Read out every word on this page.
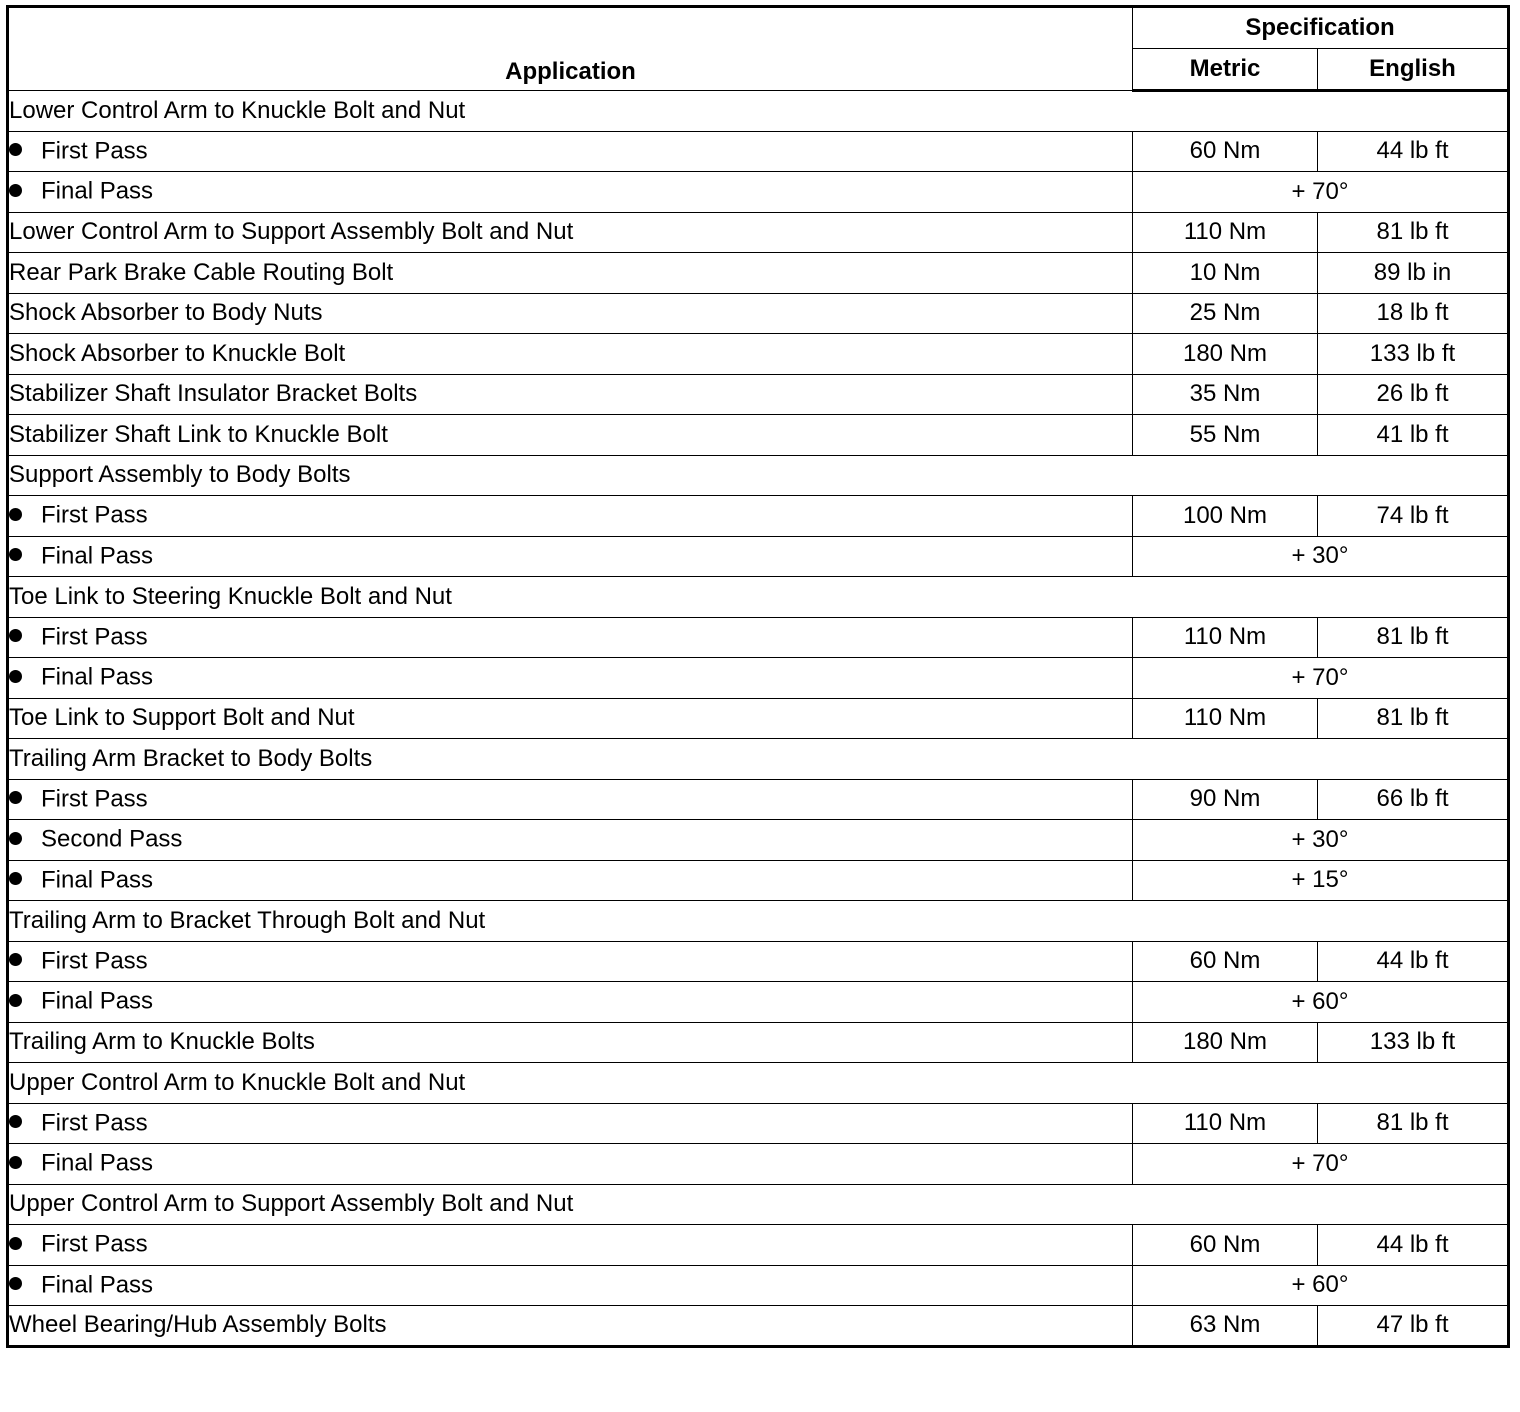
Application	Specification	
	Metric	English
Lower Control Arm to Knuckle Bolt and Nut		
First Pass	60 Nm	44 lb ft
Final Pass	+ 70°	
Lower Control Arm to Support Assembly Bolt and Nut	110 Nm	81 lb ft
Rear Park Brake Cable Routing Bolt	10 Nm	89 lb in
Shock Absorber to Body Nuts	25 Nm	18 lb ft
Shock Absorber to Knuckle Bolt	180 Nm	133 lb ft
Stabilizer Shaft Insulator Bracket Bolts	35 Nm	26 lb ft
Stabilizer Shaft Link to Knuckle Bolt	55 Nm	41 lb ft
Support Assembly to Body Bolts		
First Pass	100 Nm	74 lb ft
Final Pass	+ 30°	
Toe Link to Steering Knuckle Bolt and Nut		
First Pass	110 Nm	81 lb ft
Final Pass	+ 70°	
Toe Link to Support Bolt and Nut	110 Nm	81 lb ft
Trailing Arm Bracket to Body Bolts		
First Pass	90 Nm	66 lb ft
Second Pass	+ 30°	
Final Pass	+ 15°	
Trailing Arm to Bracket Through Bolt and Nut		
First Pass	60 Nm	44 lb ft
Final Pass	+ 60°	
Trailing Arm to Knuckle Bolts	180 Nm	133 lb ft
Upper Control Arm to Knuckle Bolt and Nut		
First Pass	110 Nm	81 lb ft
Final Pass	+ 70°	
Upper Control Arm to Support Assembly Bolt and Nut		
First Pass	60 Nm	44 lb ft
Final Pass	+ 60°	
Wheel Bearing/Hub Assembly Bolts	63 Nm	47 lb ft
